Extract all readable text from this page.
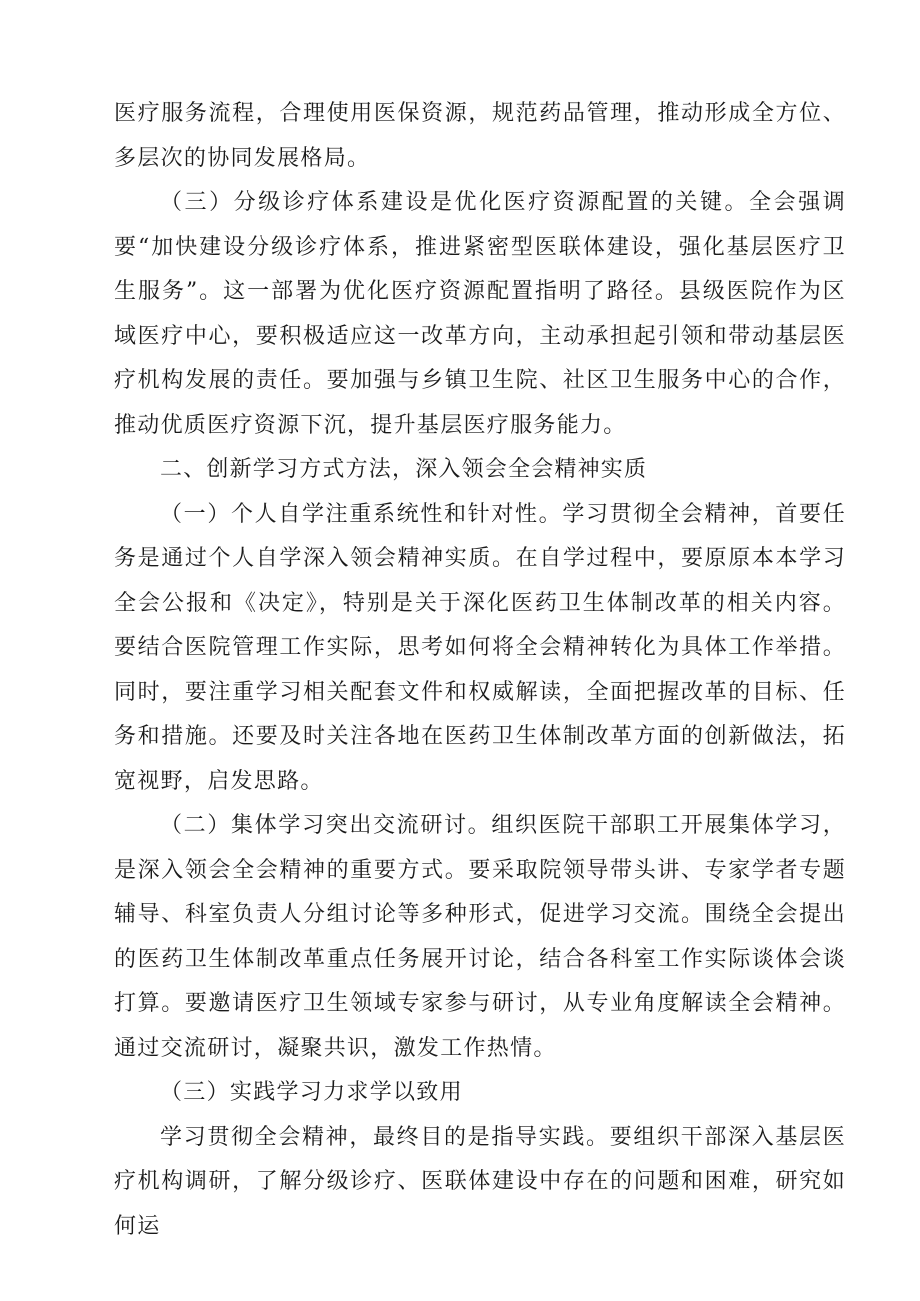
医疗服务流程，合理使用医保资源，规范药品管理，推动形成全方位、多层次的协同发展格局。

（三）分级诊疗体系建设是优化医疗资源配置的关键。全会强调要“加快建设分级诊疗体系，推进紧密型医联体建设，强化基层医疗卫生服务”。这一部署为优化医疗资源配置指明了路径。县级医院作为区域医疗中心，要积极适应这一改革方向，主动承担起引领和带动基层医疗机构发展的责任。要加强与乡镇卫生院、社区卫生服务中心的合作，推动优质医疗资源下沉，提升基层医疗服务能力。

二、创新学习方式方法，深入领会全会精神实质

（一）个人自学注重系统性和针对性。学习贯彻全会精神，首要任务是通过个人自学深入领会精神实质。在自学过程中，要原原本本学习全会公报和《决定》，特别是关于深化医药卫生体制改革的相关内容。要结合医院管理工作实际，思考如何将全会精神转化为具体工作举措。同时，要注重学习相关配套文件和权威解读，全面把握改革的目标、任务和措施。还要及时关注各地在医药卫生体制改革方面的创新做法，拓宽视野，启发思路。

（二）集体学习突出交流研讨。组织医院干部职工开展集体学习，是深入领会全会精神的重要方式。要采取院领导带头讲、专家学者专题辅导、科室负责人分组讨论等多种形式，促进学习交流。围绕全会提出的医药卫生体制改革重点任务展开讨论，结合各科室工作实际谈体会谈打算。要邀请医疗卫生领域专家参与研讨，从专业角度解读全会精神。通过交流研讨，凝聚共识，激发工作热情。

（三）实践学习力求学以致用

学习贯彻全会精神，最终目的是指导实践。要组织干部深入基层医疗机构调研，了解分级诊疗、医联体建设中存在的问题和困难，研究如何运
